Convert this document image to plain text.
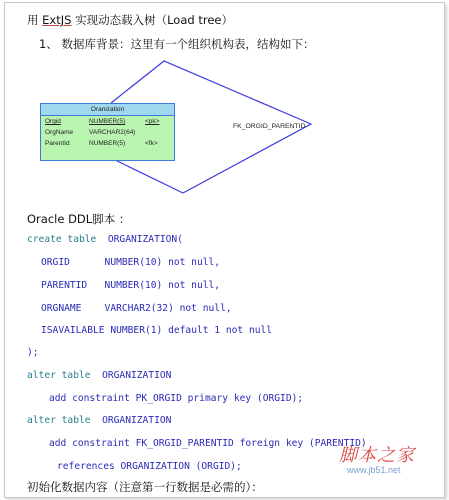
用 ExtJS 实现动态载入树（Load tree）
1、 数据库背景：这里有一个组织机构表，结构如下：
Oranization
Orgid	NUMBER(5)	<pk>
OrgName VARCHAR2(64)
ParentId	NUMBER(5)	<fk>
FK_ORGID_PARENTID
Oracle DDL脚本 ：
create table  ORGANIZATION(
ORGID	NUMBER(10) not null,
PARENTID NUMBER(10) not null,
ORGNAME VARCHAR2(32) not null,
ISAVAILABLE NUMBER(1) default 1 not null
);
alter table  ORGANIZATION
add constraint PK_ORGID primary key (ORGID);
alter table  ORGANIZATION
add constraint FK_ORGID_PARENTID foreign key (PARENTID)
references ORGANIZATION (ORGID);
初始化数据内容（注意第一行数据是必需的）：
脚本之家
www.jb51.net
